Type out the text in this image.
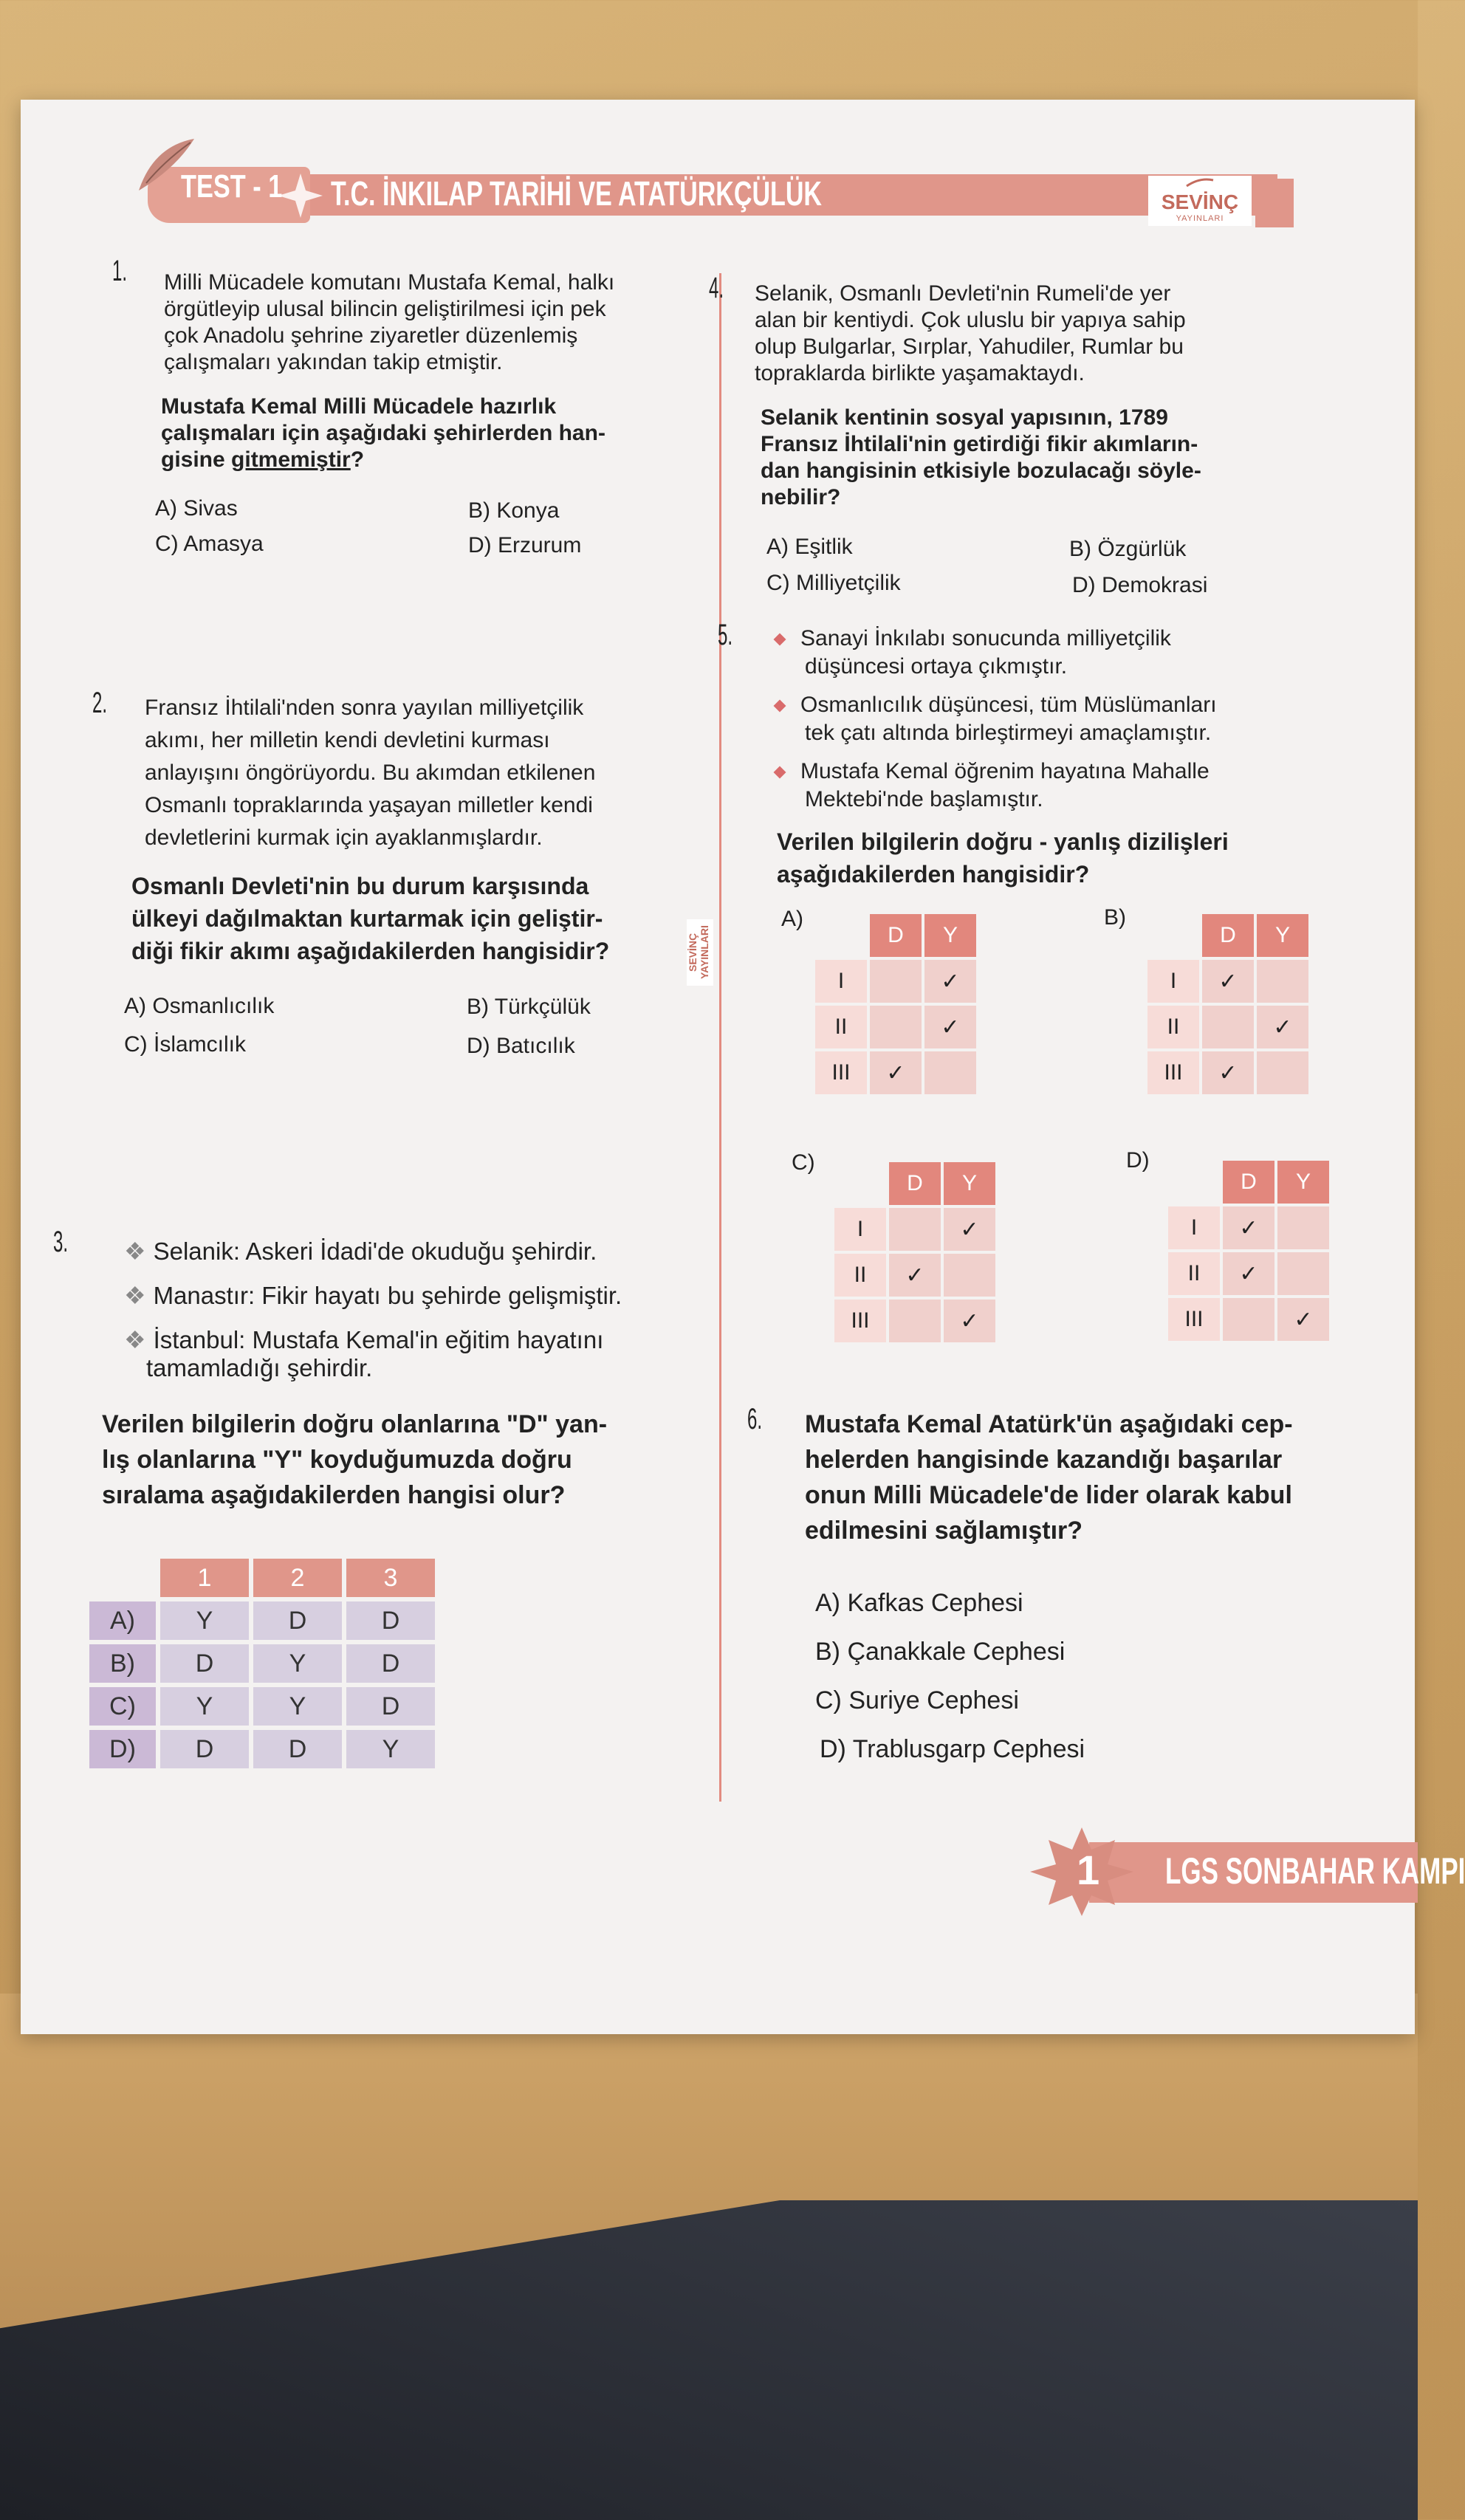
TEST - 1 T.C. İNKILAP TARİHİ VE ATATÜRKÇÜLÜK	SEVİNÇ
YAYINLARI
SEVİNÇ YAYINLARI
1. Milli Mücadele komutanı Mustafa Kemal, halkı
örgütleyip ulusal bilincin geliştirilmesi için pek
çok Anadolu şehrine ziyaretler düzenlemiş
çalışmaları yakından takip etmiştir.
Mustafa Kemal Milli Mücadele hazırlık
çalışmaları için aşağıdaki şehirlerden han-
gisine gitmemiştir?
A) Sivas	B) Konya
C) Amasya	D) Erzurum
2. Fransız İhtilali'nden sonra yayılan milliyetçilik
akımı, her milletin kendi devletini kurması
anlayışını öngörüyordu. Bu akımdan etkilenen
Osmanlı topraklarında yaşayan milletler kendi
devletlerini kurmak için ayaklanmışlardır.
Osmanlı Devleti'nin bu durum karşısında
ülkeyi dağılmaktan kurtarmak için geliştir-
diği fikir akımı aşağıdakilerden hangisidir?
A) Osmanlıcılık	B) Türkçülük
C) İslamcılık	D) Batıcılık
3. ❖ Selanik: Askeri İdadi'de okuduğu şehirdir.
❖ Manastır: Fikir hayatı bu şehirde gelişmiştir.
❖ İstanbul: Mustafa Kemal'in eğitim hayatını
tamamladığı şehirdir.
Verilen bilgilerin doğru olanlarına "D" yan-
lış olanlarına "Y" koyduğumuzda doğru
sıralama aşağıdakilerden hangisi olur?
	1	2	3
A)	Y	D	D
B)	D	Y	D
C)	Y	Y	D
D)	D	D	Y
4. Selanik, Osmanlı Devleti'nin Rumeli'de yer
alan bir kentiydi. Çok uluslu bir yapıya sahip
olup Bulgarlar, Sırplar, Yahudiler, Rumlar bu
topraklarda birlikte yaşamaktaydı.
Selanik kentinin sosyal yapısının, 1789
Fransız İhtilali'nin getirdiği fikir akımların-
dan hangisinin etkisiyle bozulacağı söyle-
nebilir?
A) Eşitlik	B) Özgürlük
C) Milliyetçilik	D) Demokrasi
5.	Sanayi İnkılabı sonucunda milliyetçilik
düşüncesi ortaya çıkmıştır.
Osmanlıcılık düşüncesi, tüm Müslümanları
tek çatı altında birleştirmeyi amaçlamıştır.
Mustafa Kemal öğrenim hayatına Mahalle
Mektebi'nde başlamıştır.
Verilen bilgilerin doğru - yanlış dizilişleri
aşağıdakilerden hangisidir?
A)
	D	Y
I		✓
II		✓
III	✓	
B)
	D	Y
I	✓	
II		✓
III	✓	
C)
	D	Y
I		✓
II	✓	
III		✓
D)
	D	Y
I	✓	
II	✓	
III		✓
6. Mustafa Kemal Atatürk'ün aşağıdaki cep-
helerden hangisinde kazandığı başarılar
onun Milli Mücadele'de lider olarak kabul
edilmesini sağlamıştır?
A) Kafkas Cephesi
B) Çanakkale Cephesi
C) Suriye Cephesi
D) Trablusgarp Cephesi
1 LGS SONBAHAR KAMPI
